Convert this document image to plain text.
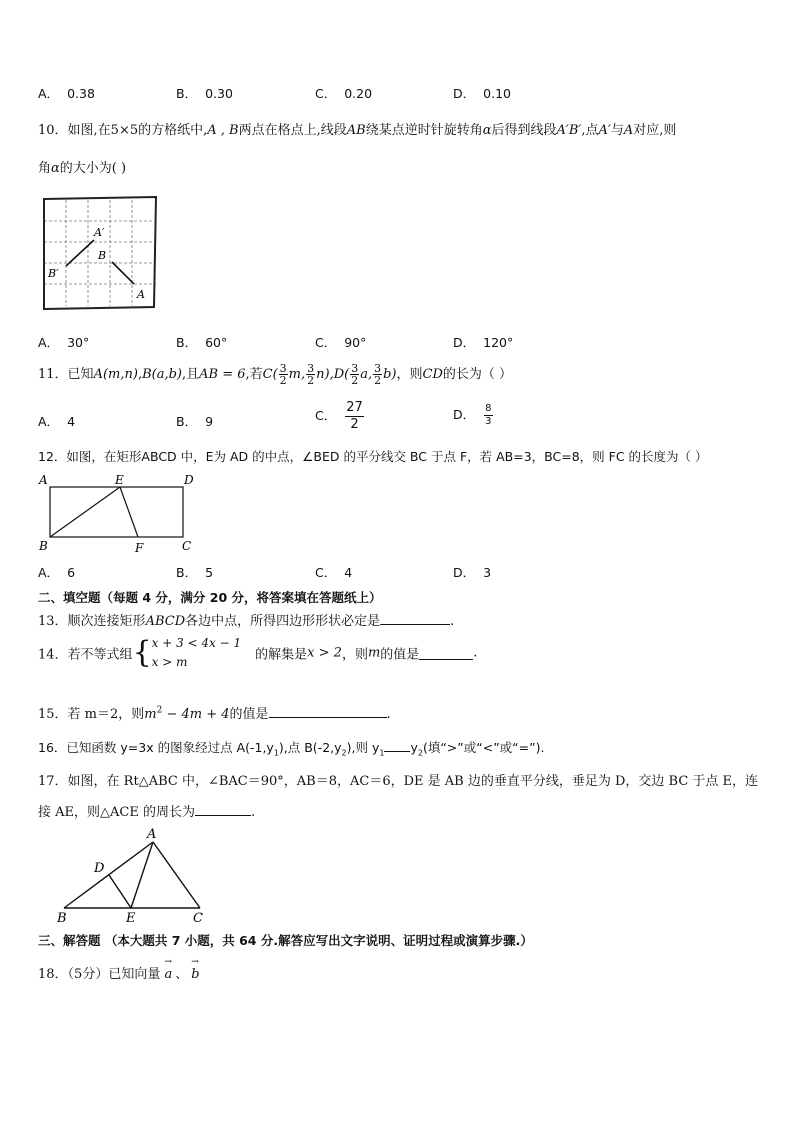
A． 0.38	B． 0.30	C． 0.20	D． 0.10
10．如图,在5×5的方格纸中,A , B两点在格点上,线段AB绕某点逆时针旋转角α后得到线段A′B′,点A′与A对应,则
角α的大小为( )
A′
B
B′
A
A． 30°	B． 60°	C． 90°	D． 120°
11．已知A(m,n),B(a,b),且AB = 6,若$C( \frac{3}{2} m$, $\frac{3}{2} n),D( \frac{3}{2} a$, $\frac{3}{2} b$)，则CD的长为（ ）
A． 4	B． 9	C． $\frac{27}{2}$	D． $\frac{8}{3}$
12．如图，在矩形ABCD 中，E为 AD 的中点，∠BED 的平分线交 BC 于点 F，若 AB=3，BC=8，则 FC 的长度为（ ）
A	E	D
B	F	C
A． 6	B． 5	C． 4	D． 3
二、填空题（每题 4 分，满分 20 分，将答案填在答题纸上）
13．顺次连接矩形ABCD各边中点，所得四边形形状必定是	.
14．若不等式组{ x + 3 < 4x − 1
x > m	的解集是x > 2，则m的值是	.
15．若 m＝2，则$m^2 - 4m + 4$的值是	.
16．已知函数 y=3x 的图象经过点 $A(-1,y_1)$,点 $B(-2,y_2)$,则 $y_1$ $y_2$(填“>”或“<”或“=”).
17．如图，在 Rt△ABC 中，∠BAC＝90°，AB＝8，AC＝6，DE 是 AB 边的垂直平分线，垂足为 D，交边 BC 于点 E，连
接 AE，则△ACE 的周长为	.
A
D
B	E	C
三、解答题 （本大题共 7 小题，共 64 分.解答应写出文字说明、证明过程或演算步骤.）
18．（5分）已知向量
→
a 、
→
b
